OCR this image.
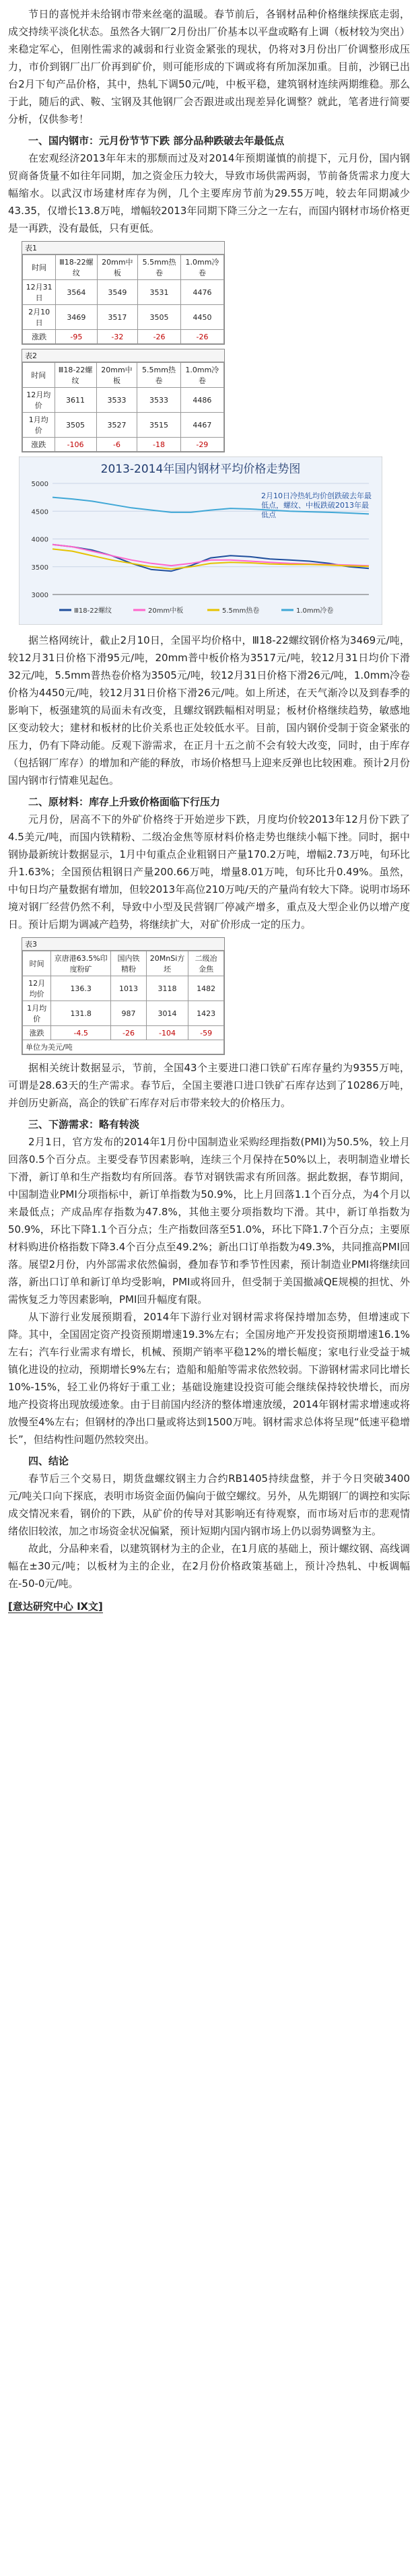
节日的喜悦并未给钢市带来丝毫的温暖。春节前后，各钢材品种价格继续探底走弱，成交持续平淡化状态。虽然各大钢厂2月份出厂价基本以平盘或略有上调（板材较为突出）来稳定军心，但刚性需求的减弱和行业资金紧张的现状，仍将对3月份出厂价调整形成压力，市价到钢厂出厂价再到矿价，则可能形成的下调或将有所加深加重。目前，沙钢已出台2月下旬产品价格，其中，热轧下调50元/吨，中板平稳，建筑钢材连续两期维稳。那么于此，随后的武、鞍、宝钢及其他钢厂会否跟进或出现差异化调整？就此，笔者进行简要分析，仅供参考！

一、国内钢市：元月份节节下跌 部分品种跌破去年最低点

在宏观经济2013年年末的那颓而过及对2014年预期谨慎的前提下，元月份，国内钢贸商备货量不如往年同期，加之资金压力较大，导致市场供需两弱，节前备货需求力度大幅缩水。以武汉市场建材库存为例，几个主要库房节前为29.55万吨，较去年同期减少43.35，仅增长13.8万吨，增幅较2013年同期下降三分之一左右，而国内钢材市场价格更是一再跌，没有最低，只有更低。

表1
时间	Ⅲ18-22螺纹	20mm中板	5.5mm热卷	1.0mm冷卷
12月31日	3564	3549	3531	4476
2月10日	3469	3517	3505	4450
涨跌	-95	-32	-26	-26
表2
时间	Ⅲ18-22螺纹	20mm中板	5.5mm热卷	1.0mm冷卷
12月均价	3611	3533	3533	4486
1月均价	3505	3527	3515	4467
涨跌	-106	-6	-18	-29
2013-2014年国内钢材平均价格走势图
2月10日冷热轧均价创跌破去年最低点，螺纹、中板跌破2013年最低点
3000
3500
4000
4500
5000
Ⅲ18-22螺纹	20mm中板	5.5mm热卷	1.0mm冷卷

据兰格网统计，截止2月10日，全国平均价格中，Ⅲ18-22螺纹钢价格为3469元/吨，较12月31日价格下滑95元/吨，20mm普中板价格为3517元/吨，较12月31日均价下滑32元/吨，5.5mm普热卷价格为3505元/吨，较12月31日价格下滑26元/吨，1.0mm冷卷价格为4450元/吨，较12月31日价格下滑26元/吨。如上所述，在天气渐冷以及到春季的影响下，板强建筑的局面未有改变，且螺纹钢跌幅相对明显；板材价格继续趋势，敏感地区变动较大；建材和板材的比价关系也正处较低水平。目前，国内钢价受制于资金紧张的压力，仍有下降动能。反观下游需求，在正月十五之前不会有较大改变，同时，由于库存（包括钢厂库存）的增加和产能的释放，市场价格想马上迎来反弹也比较困难。预计2月份国内钢市行情难见起色。

二、原材料：库存上升致价格面临下行压力

元月份，居高不下的外矿价格终于开始逆步下跌，月度均价较2013年12月份下跌了4.5美元/吨，而国内铁精粉、二级冶金焦等原材料价格走势也继续小幅下挫。同时，据中钢协最新统计数据显示，1月中旬重点企业粗钢日产量170.2万吨，增幅2.73万吨，旬环比升1.63%；全国预估粗钢日产量200.66万吨，增量8.01万吨，旬环比升0.49%。虽然，中旬日均产量数据有增加，但较2013年高位210万吨/天的产量尚有较大下降。说明市场环境对钢厂经营仍然不利，导致中小型及民营钢厂停减产增多，重点及大型企业仍以增产度日。预计后期为调减产趋势，将继续扩大，对矿价形成一定的压力。

表3
时间	京唐港63.5%印度粉矿	国内铁精粉	20MnSi方坯	二级冶金焦
12月均价	136.3	1013	3118	1482
1月均价	131.8	987	3014	1423
涨跌	-4.5	-26	-104	-59
单位为美元/吨				

据相关统计数据显示，节前，全国43个主要进口港口铁矿石库存量约为9355万吨，可谓是28.63天的生产需求。春节后，全国主要港口进口铁矿石库存达到了10286万吨，并创历史新高，高企的铁矿石库存对后市带来较大的价格压力。

三、下游需求：略有转淡

2月1日，官方发布的2014年1月份中国制造业采购经理指数(PMI)为50.5%，较上月回落0.5个百分点。主要受春节因素影响，连续三个月保持在50%以上，表明制造业增长下滑，新订单和生产指数均有所回落。春节对钢铁需求有所回落。据此数据，春节期间，中国制造业PMI分项指标中，新订单指数为50.9%，比上月回落1.1个百分点，为4个月以来最低点；产成品库存指数为47.8%，其他主要分项指数均下滑。其中，新订单指数为50.9%，环比下降1.1个百分点；生产指数回落至51.0%，环比下降1.7个百分点；主要原材料购进价格指数下降3.4个百分点至49.2%；新出口订单指数为49.3%，共同推高PMI回落。展望2月份，内外部需求依然偏弱，叠加春节和季节性因素，预计制造业PMI将继续回落，新出口订单和新订单均受影响，PMI或将回升，但受制于美国撤减QE规模的担忧、外需恢复乏力等因素影响，PMI回升幅度有限。

从下游行业发展预期看，2014年下游行业对钢材需求将保持增加态势，但增速或下降。其中，全国固定资产投资预期增速19.3%左右；全国房地产开发投资预期增速16.1%左右；汽车行业需求有增长，机械、预期产销率平稳12%的增长幅度；家电行业受益于城镇化进设的拉动，预期增长9%左右；造船和船舶等需求依然较弱。下游钢材需求同比增长10%-15%，轻工业仍将好于重工业；基础设施建设投资可能会继续保持较快增长，而房地产投资将出现放缓迹象。由于目前国内经济的整体增速放缓，2014年钢材需求增速或将放慢至4%左右；但钢材的净出口量或将达到1500万吨。钢材需求总体将呈现“低速平稳增长”，但结构性问题仍然较突出。

四、结论

春节后三个交易日，期货盘螺纹钢主力合约RB1405持续盘整，并于今日突破3400元/吨关口向下探底，表明市场资金面仍偏向于做空螺纹。另外，从先期钢厂的调控和实际成交情况来看，钢价的下跌，从矿价的传导对其影响还有待观察，而市场对后市的悲观情绪依旧较浓，加之市场资金状况偏紧，预计短期内国内钢市场上仍以弱势调整为主。

故此，分品种来看，以建筑钢材为主的企业，在1月底的基础上，预计螺纹钢、高线调幅在±30元/吨；以板材为主的企业，在2月份价格政策基础上，预计冷热轧、中板调幅在-50-0元/吨。

[意达研究中心 Ⅸ文]
